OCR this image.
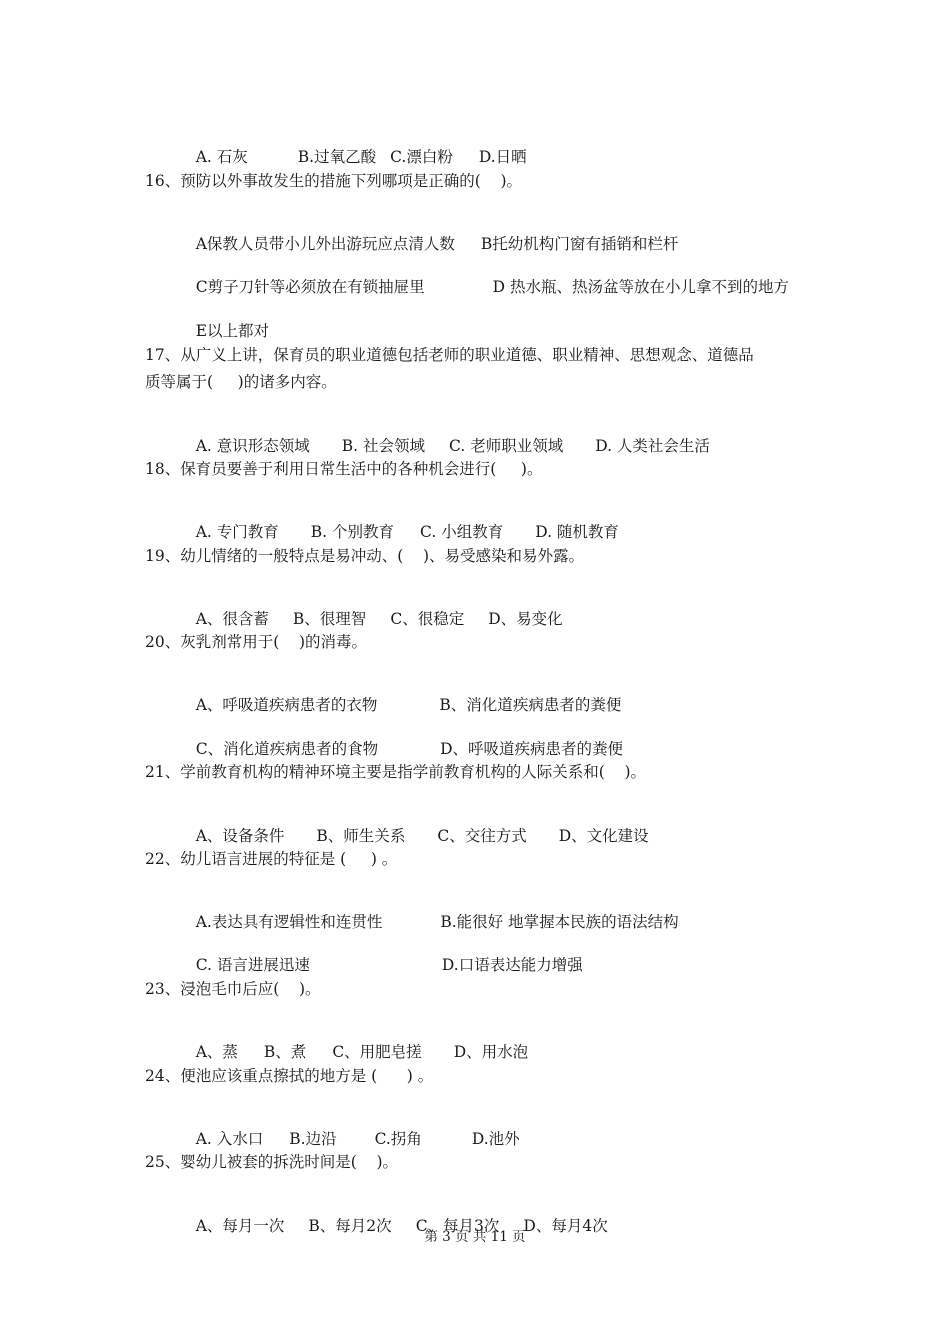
A. 石灰	B.过氧乙酸 C.漂白粉 D.日晒

16、预防以外事故发生的措施下列哪项是正确的(    )。

A保教人员带小儿外出游玩应点清人数 B托幼机构门窗有插销和栏杆

C剪子刀针等必须放在有锁抽屉里	D 热水瓶、热汤盆等放在小儿拿不到的地方

E以上都对

17、从广义上讲，保育员的职业道德包括老师的职业道德、职业精神、思想观念、道德品
质等属于(     )的诸多内容。

A. 意识形态领域 B. 社会领域 C. 老师职业领域 D. 人类社会生活

18、保育员要善于利用日常生活中的各种机会进行(     )。

A. 专门教育 B. 个别教育 C. 小组教育 D. 随机教育

19、幼儿情绪的一般特点是易冲动、(    )、易受感染和易外露。

A、很含蓄 B、很理智 C、很稳定 D、易变化

20、灰乳剂常用于(    )的消毒。

A、呼吸道疾病患者的衣物	B、消化道疾病患者的粪便

C、消化道疾病患者的食物	D、呼吸道疾病患者的粪便

21、学前教育机构的精神环境主要是指学前教育机构的人际关系和(    )。

A、设备条件 B、师生关系 C、交往方式 D、文化建设

22、幼儿语言进展的特征是 (     ) 。

A.表达具有逻辑性和连贯性	B.能很好 地掌握本民族的语法结构

C. 语言进展迅速	D.口语表达能力增强

23、浸泡毛巾后应(    )。

A、蒸 B、煮 C、用肥皂搓 D、用水泡

24、便池应该重点擦拭的地方是 (      ) 。

A. 入水口 B.边沿 C.拐角	D.池外

25、婴幼儿被套的拆洗时间是(    )。

A、每月一次 B、每月2次 C、每月3次 D、每月4次

第 3 页 共 11 页
